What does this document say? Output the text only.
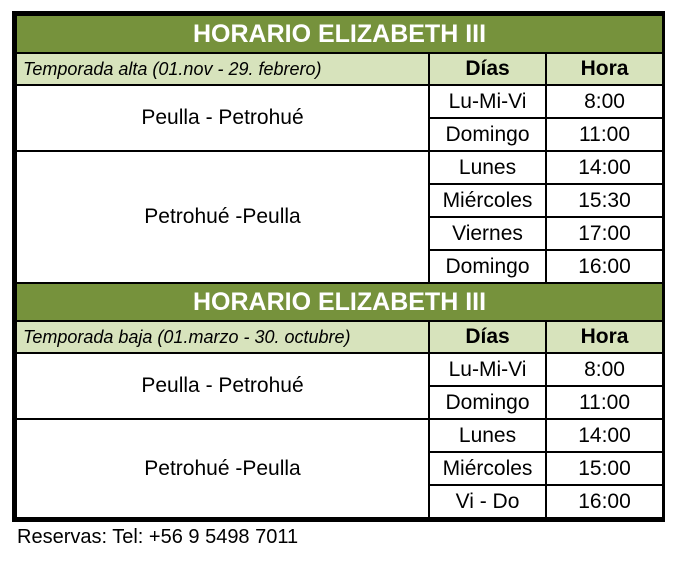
HORARIO ELIZABETH III		
Temporada alta (01.nov - 29. febrero)	Días	Hora
Peulla - Petrohué	Lu-Mi-Vi	8:00
	Domingo	11:00
Petrohué -Peulla	Lunes	14:00
	Miércoles	15:30
	Viernes	17:00
	Domingo	16:00
HORARIO ELIZABETH III		
Temporada baja (01.marzo - 30. octubre)	Días	Hora
Peulla - Petrohué	Lu-Mi-Vi	8:00
	Domingo	11:00
Petrohué -Peulla	Lunes	14:00
	Miércoles	15:00
	Vi - Do	16:00
Reservas: Tel: +56 9 5498 7011
